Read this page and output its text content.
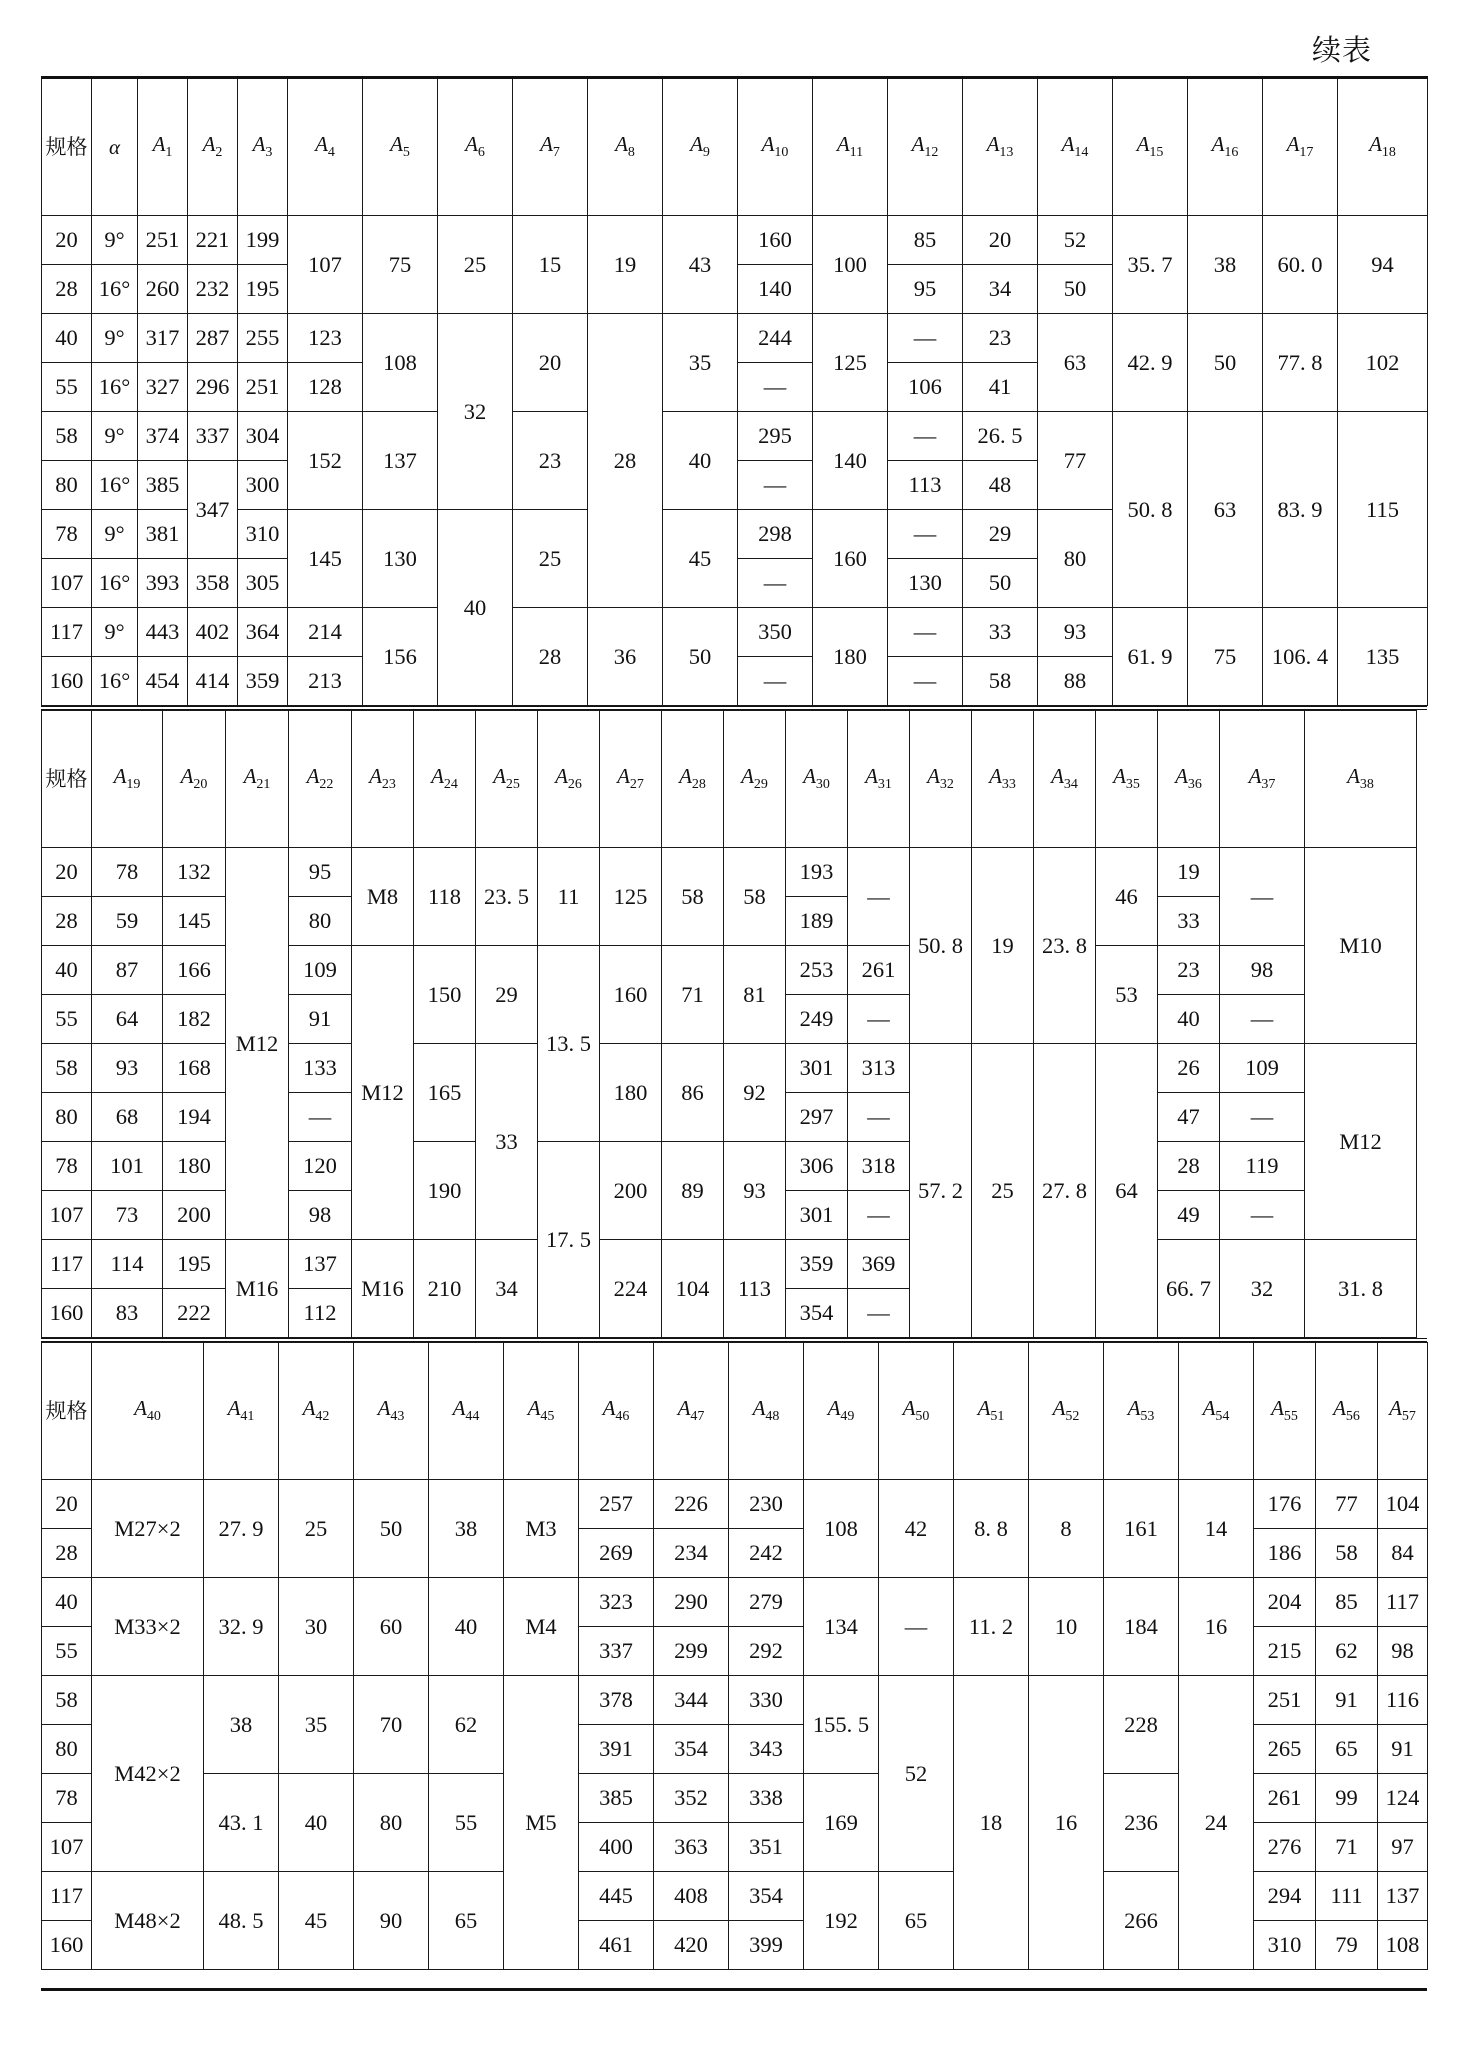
续表
规格	α	$A_1$	$A_2$	$A_3$	$A_4$	$A_5$	$A_6$	$A_7$	$A_8$	$A_9$	$A_{10}$	$A_{11}$	$A_{12}$	$A_{13}$	$A_{14}$	$A_{15}$	$A_{16}$	$A_{17}$	$A_{18}$
20	9°	251	221	199	107	75	25	15	19	43	160	100	85	20	52	35. 7	38	60. 0	94
28	16°	260	232	195							140		95	34	50				
40	9°	317	287	255	123	108	32	20	28	35	244	125	—	23	63	42. 9	50	77. 8	102
55	16°	327	296	251	128						—		106	41					
58	9°	374	337	304	152	137		23		40	295	140	—	26. 5	77	50. 8	63	83. 9	115
80	16°	385	347	300							—		113	48					
78	9°	381		310	145	130	40	25		45	298	160	—	29	80				
107	16°	393	358	305							—		130	50					
117	9°	443	402	364	214	156		28	36	50	350	180	—	33	93	61. 9	75	106. 4	135
160	16°	454	414	359	213						—		—	58	88				
规格	$A_{19}$	$A_{20}$	$A_{21}$	$A_{22}$	$A_{23}$	$A_{24}$	$A_{25}$	$A_{26}$	$A_{27}$	$A_{28}$	$A_{29}$	$A_{30}$	$A_{31}$	$A_{32}$	$A_{33}$	$A_{34}$	$A_{35}$	$A_{36}$	$A_{37}$	$A_{38}$
20	78	132	M12	95	M8	118	23. 5	11	125	58	58	193	—	50. 8	19	23. 8	46	19	—	M10	
28	59	145		80								189						33			
40	87	166		109	M12	150	29	13. 5	160	71	81	253	261				53	23	98		
55	64	182		91								249	—					40	—		
58	93	168		133		165	33		180	86	92	301	313	57. 2	25	27. 8	64	26	109	M12	
80	68	194		—								297	—					47	—		
78	101	180		120		190		17. 5	200	89	93	306	318					28	119		
107	73	200		98								301	—					49	—		
117	114	195	M16	137	M16	210	34		224	104	113	359	369					66. 7	32	31. 8				
160	83	222		112								354	—		
规格	$A_{40}$	$A_{41}$	$A_{42}$	$A_{43}$	$A_{44}$	$A_{45}$	$A_{46}$	$A_{47}$	$A_{48}$	$A_{49}$	$A_{50}$	$A_{51}$	$A_{52}$	$A_{53}$	$A_{54}$	$A_{55}$	$A_{56}$	$A_{57}$
20	M27×2	27. 9	25	50	38	M3	257	226	230	108	42	8. 8	8	161	14	176	77	104
28							269	234	242							186	58	84
40	M33×2	32. 9	30	60	40	M4	323	290	279	134	—	11. 2	10	184	16	204	85	117
55							337	299	292							215	62	98
58	M42×2	38	35	70	62	M5	378	344	330	155. 5	52	18	16	228	24	251	91	116
80							391	354	343							265	65	91
78		43. 1	40	80	55		385	352	338	169				236		261	99	124
107							400	363	351							276	71	97
117	M48×2	48. 5	45	90	65		445	408	354	192	65			266		294	111	137
160							461	420	399							310	79	108
